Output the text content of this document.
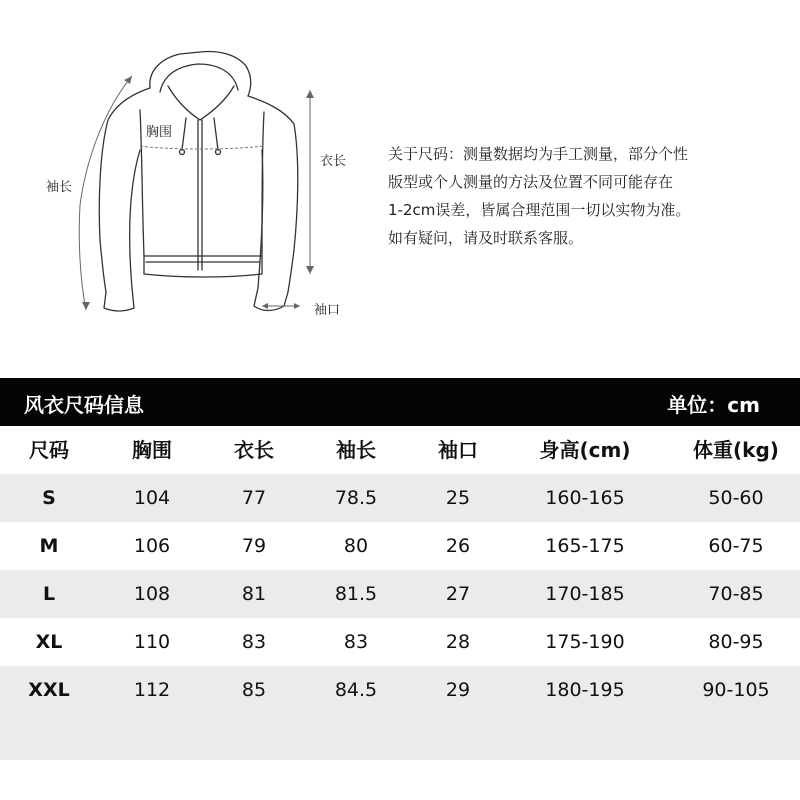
胸围
袖长
衣长
袖口
关于尺码：测量数据均为手工测量，部分个性
版型或个人测量的方法及位置不同可能存在
1-2cm误差，皆属合理范围一切以实物为准。
如有疑问，请及时联系客服。
风衣尺码信息	单位：cm
尺码	胸围	衣长	袖长	袖口	身高(cm)	体重(kg)
S	104	77	78.5	25	160-165	50-60
M	106	79	80	26	165-175	60-75
L	108	81	81.5	27	170-185	70-85
XL	110	83	83	28	175-190	80-95
XXL	112	85	84.5	29	180-195	90-105
